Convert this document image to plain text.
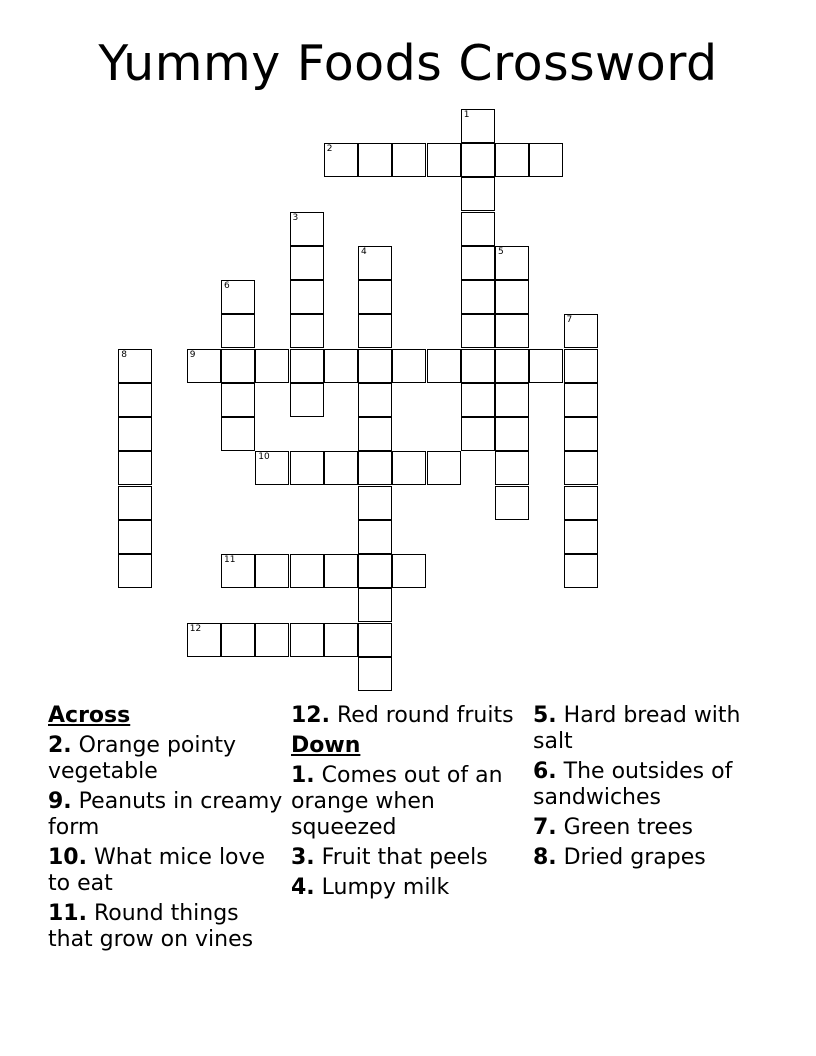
Yummy Foods Crossword
1
2
3
4	5
6
7
8	9
10
11
12
Across
2. Orange pointy vegetable
9. Peanuts in creamy form
10. What mice love to eat
11. Round things that grow on vines
12. Red round fruits
Down
1. Comes out of an orange when squeezed
3. Fruit that peels
4. Lumpy milk
5. Hard bread with salt
6. The outsides of sandwiches
7. Green trees
8. Dried grapes
